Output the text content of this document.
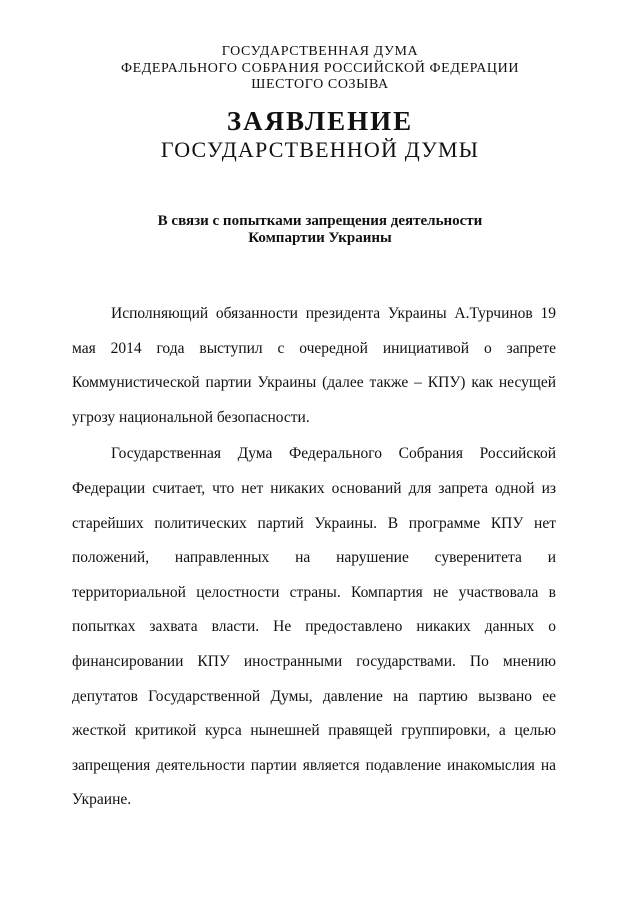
ГОСУДАРСТВЕННАЯ ДУМА
ФЕДЕРАЛЬНОГО СОБРАНИЯ РОССИЙСКОЙ ФЕДЕРАЦИИ
ШЕСТОГО СОЗЫВА
ЗАЯВЛЕНИЕ
ГОСУДАРСТВЕННОЙ ДУМЫ
В связи с попытками запрещения деятельности
Компартии Украины

Исполняющий обязанности президента Украины А.Турчинов 19 мая 2014 года выступил с очередной инициативой о запрете Коммунистической партии Украины (далее также – КПУ) как несущей угрозу национальной безопасности.

Государственная Дума Федерального Собрания Российской Федерации считает, что нет никаких оснований для запрета одной из старейших политических партий Украины. В программе КПУ нет положений, направленных на нарушение суверенитета и территориальной целостности страны. Компартия не участвовала в попытках захвата власти. Не предоставлено никаких данных о финансировании КПУ иностранными государствами. По мнению депутатов Государственной Думы, давление на партию вызвано ее жесткой критикой курса нынешней правящей группировки, а целью запрещения деятельности партии является подавление инакомыслия на Украине.
